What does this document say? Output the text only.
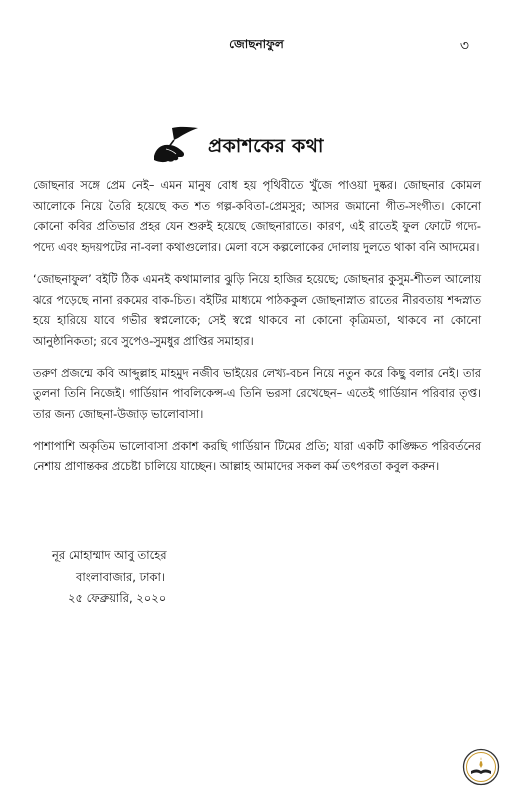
জোছনাফুল	৩
প্রকাশকের কথা

জোছনার সঙ্গে প্রেম নেই– এমন মানুষ বোধ হয় পৃথিবীতে খুঁজে পাওয়া দুষ্কর। জোছনার কোমল আলোকে নিয়ে তৈরি হয়েছে কত শত গল্প-কবিতা-প্রেমসুর; আসর জমানো গীত-সংগীত। কোনো কোনো কবির প্রতিভার প্রহর যেন শুরুই হয়েছে জোছনারাতে। কারণ, এই রাতেই ফুল ফোটে গদ্যে-পদ্যে এবং হৃদয়পটের না-বলা কথাগুলোর। মেলা বসে কল্পলোকের দোলায় দুলতে থাকা বনি আদমের।

‘জোছনাফুল’ বইটি ঠিক এমনই কথামালার ঝুড়ি নিয়ে হাজির হয়েছে; জোছনার কুসুম-শীতল আলোয় ঝরে পড়েছে নানা রকমের বাক-চিত। বইটির মাধ্যমে পাঠককুল জোছনাস্নাত রাতের নীরবতায় শব্দস্নাত হয়ে হারিয়ে যাবে গভীর স্বপ্নলোকে; সেই স্বপ্নে থাকবে না কোনো কৃত্রিমতা, থাকবে না কোনো আনুষ্ঠানিকতা; রবে সুপেও-সুমধুর প্রাপ্তির সমাহার।

তরুণ প্রজন্মে কবি আব্দুল্লাহ মাহমুদ নজীব ভাইয়ের লেখ্য-বচন নিয়ে নতুন করে কিছু বলার নেই। তার তুলনা তিনি নিজেই। গার্ডিয়ান পাবলিকেন্স-এ তিনি ভরসা রেখেছেন– এতেই গার্ডিয়ান পরিবার তৃপ্ত। তার জন্য জোছনা-উজাড় ভালোবাসা।

পাশাপাশি অকৃতিম ভালোবাসা প্রকাশ করছি গার্ডিয়ান টিমের প্রতি; যারা একটি কাঙ্ক্ষিত পরিবর্তনের নেশায় প্রাণান্তকর প্রচেষ্টা চালিয়ে যাচ্ছেন। আল্লাহ আমাদের সকল কর্ম তৎপরতা কবুল করুন।

নূর মোহাম্মাদ আবু তাহের
বাংলাবাজার, ঢাকা।
২৫ ফেব্রুয়ারি, ২০২০
